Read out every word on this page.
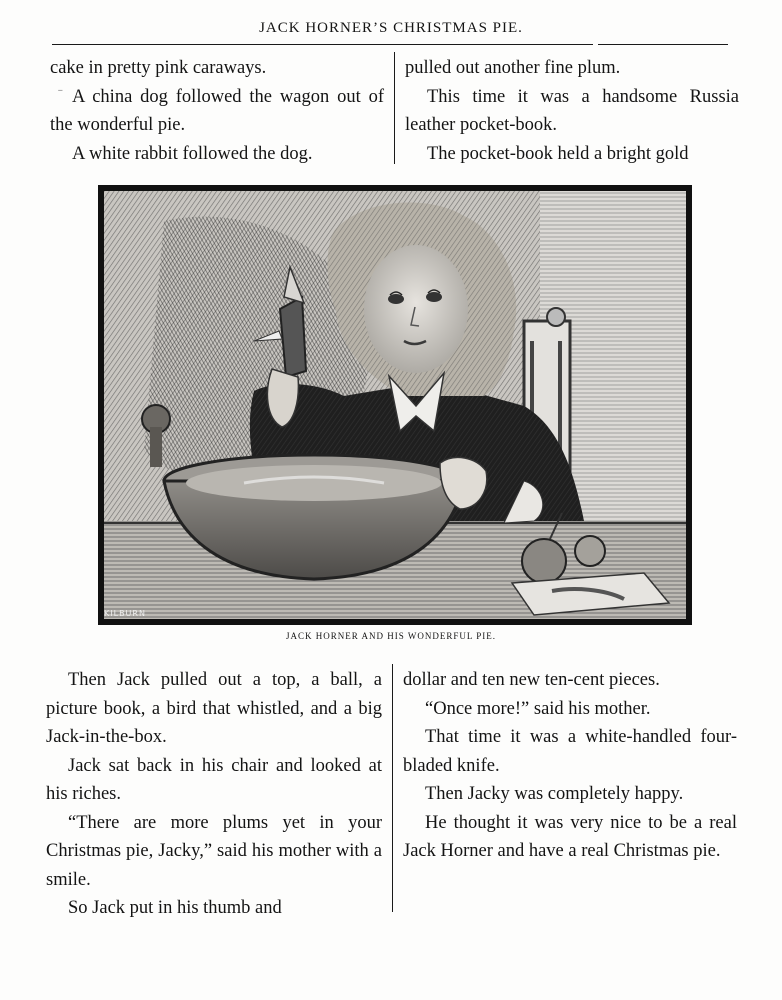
JACK HORNER’S CHRISTMAS PIE.

cake in pretty pink caraways.

A china dog followed the wagon out of the wonderful pie.

A white rabbit followed the dog.

pulled out another fine plum.

This time it was a handsome Russia leather pocket-book.

The pocket-book held a bright gold

KILBURN
JACK HORNER AND HIS WONDERFUL PIE.

Then Jack pulled out a top, a ball, a picture book, a bird that whistled, and a big Jack-in-the-box.

Jack sat back in his chair and looked at his riches.

“There are more plums yet in your Christmas pie, Jacky,” said his mother with a smile.

So Jack put in his thumb and

dollar and ten new ten-cent pieces.

“Once more!” said his mother.

That time it was a white-handled four-bladed knife.

Then Jacky was completely happy.

He thought it was very nice to be a real Jack Horner and have a real Christmas pie.

˗
